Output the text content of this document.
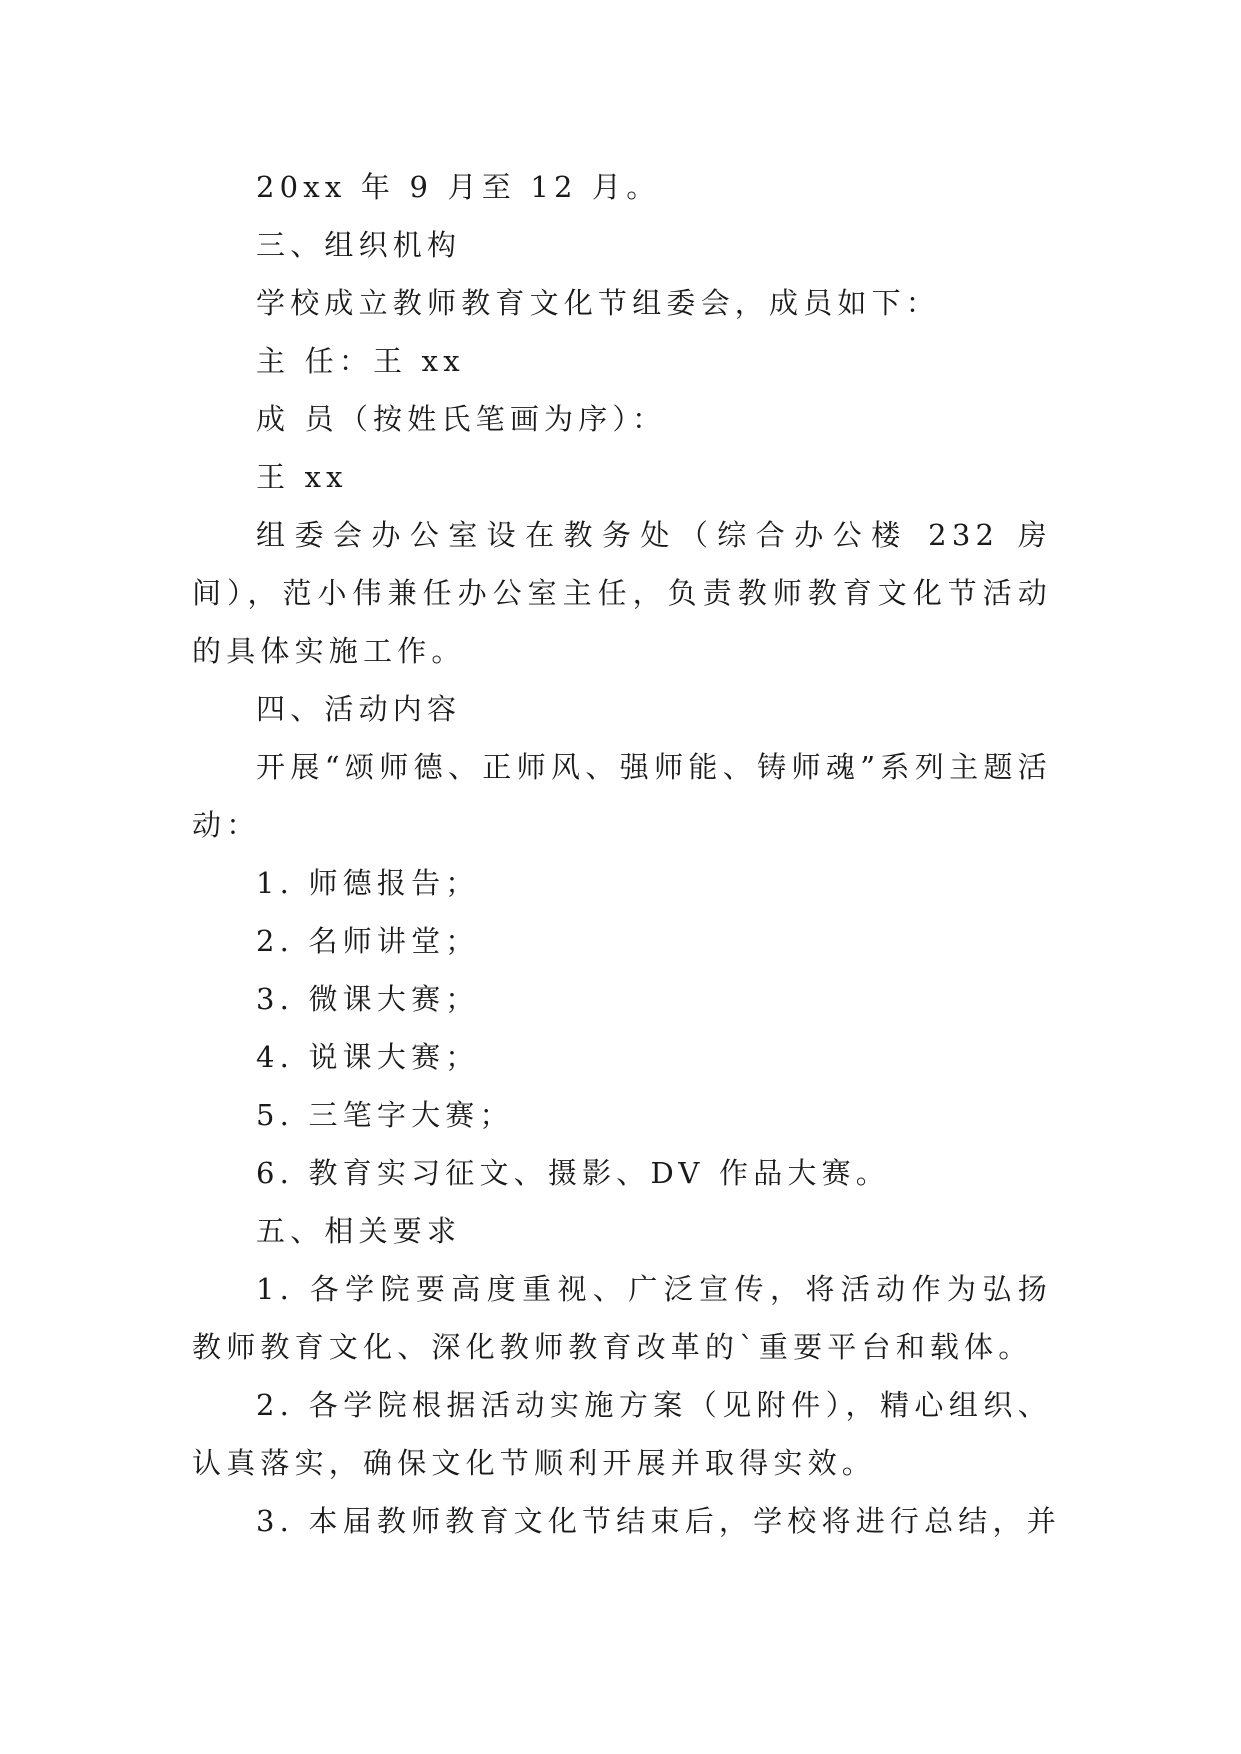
20xx 年 9 月至 12 月。

三、组织机构

学校成立教师教育文化节组委会，成员如下：

主 任：王 xx

成 员（按姓氏笔画为序）：

王 xx

组委会办公室设在教务处（综合办公楼 232 房间），范小伟兼任办公室主任，负责教师教育文化节活动的具体实施工作。

四、活动内容

开展“颂师德、正师风、强师能、铸师魂”系列主题活动：

1. 师德报告；

2. 名师讲堂；

3. 微课大赛；

4. 说课大赛；

5. 三笔字大赛；

6. 教育实习征文、摄影、DV 作品大赛。

五、相关要求

1. 各学院要高度重视、广泛宣传，将活动作为弘扬教师教育文化、深化教师教育改革的`重要平台和载体。

2. 各学院根据活动实施方案（见附件），精心组织、认真落实，确保文化节顺利开展并取得实效。

3. 本届教师教育文化节结束后，学校将进行总结，并
